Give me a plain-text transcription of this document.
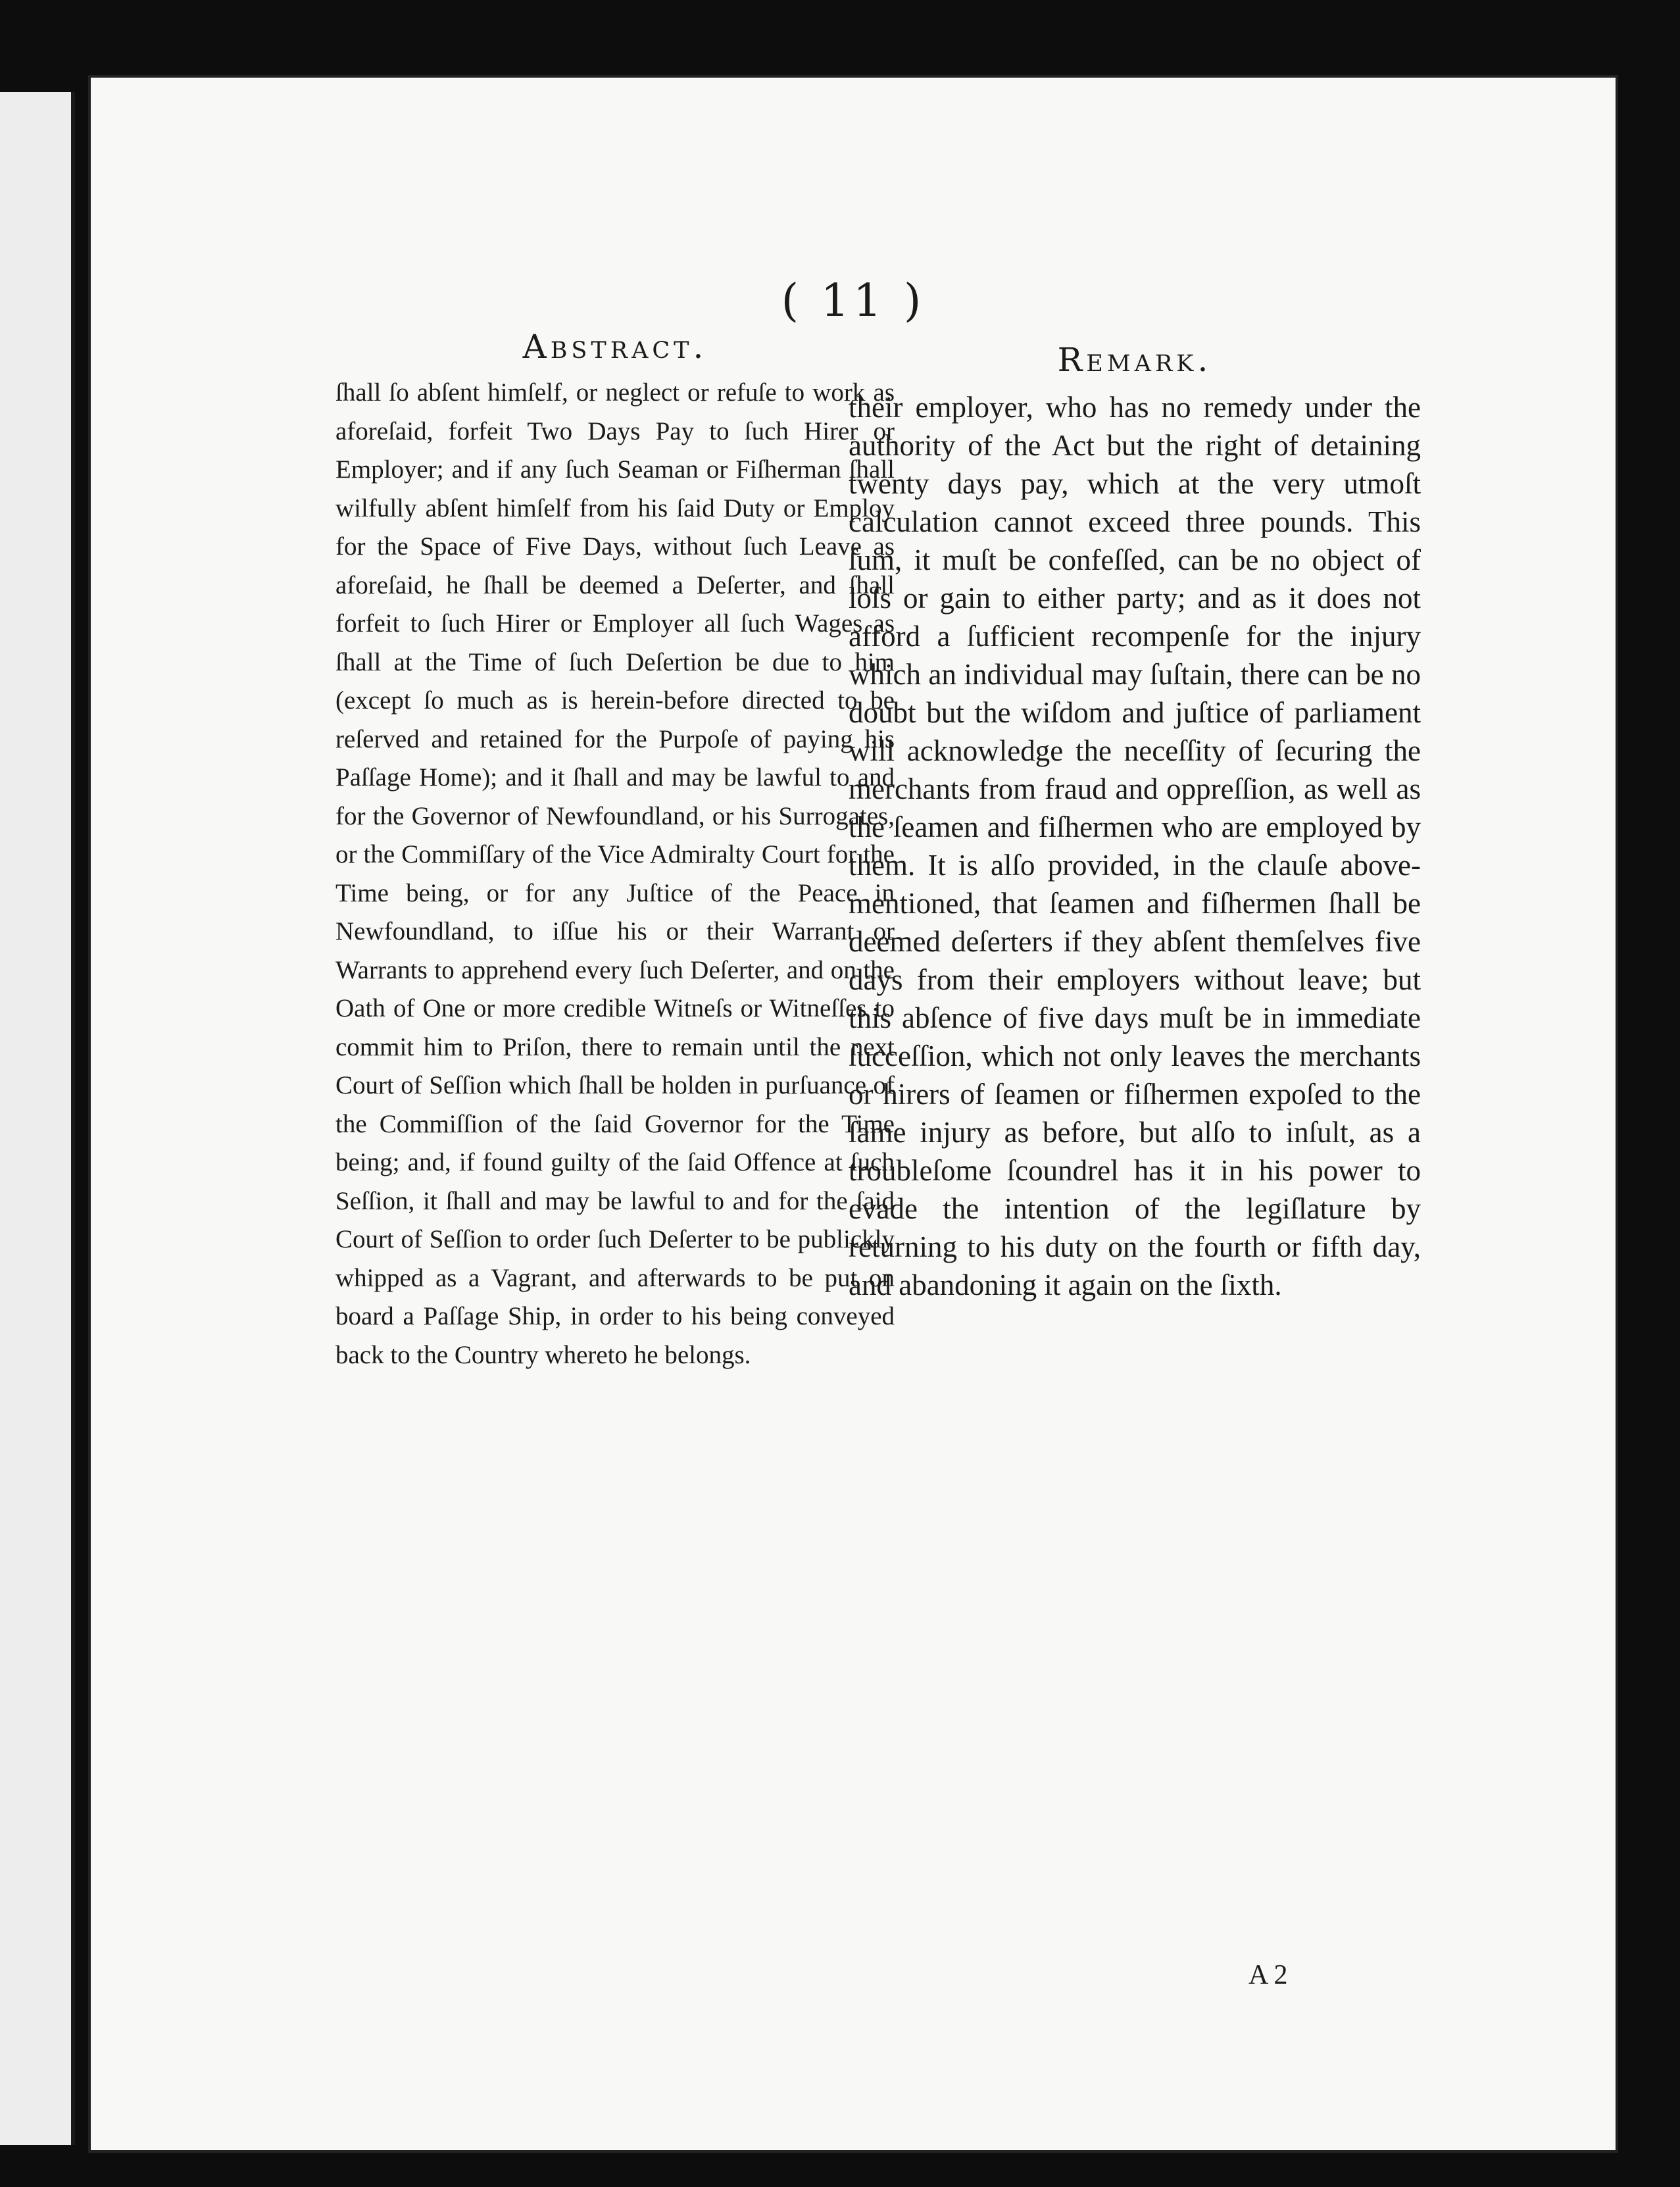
( 11 )
Abstract.
ſhall ſo abſent himſelf, or neglect or refuſe to work as aforeſaid, forfeit Two Days Pay to ſuch Hirer or Employer; and if any ſuch Seaman or Fiſherman ſhall wilfully abſent himſelf from his ſaid Duty or Employ for the Space of Five Days, without ſuch Leave as aforeſaid, he ſhall be deemed a Deſerter, and ſhall forfeit to ſuch Hirer or Employer all ſuch Wages as ſhall at the Time of ſuch Deſertion be due to him (except ſo much as is herein-before directed to be reſerved and retained for the Purpoſe of paying his Paſſage Home); and it ſhall and may be lawful to and for the Governor of Newfoundland, or his Surrogates, or the Commiſſary of the Vice Admiralty Court for the Time being, or for any Juſtice of the Peace in Newfoundland, to iſſue his or their Warrant or Warrants to apprehend every ſuch Deſerter, and on the Oath of One or more credible Witneſs or Witneſſes to commit him to Priſon, there to remain until the next Court of Seſſion which ſhall be holden in purſuance of the Commiſſion of the ſaid Governor for the Time being; and, if found guilty of the ſaid Offence at ſuch Seſſion, it ſhall and may be lawful to and for the ſaid Court of Seſſion to order ſuch Deſerter to be publickly whipped as a Vagrant, and afterwards to be put on board a Paſſage Ship, in order to his being conveyed back to the Country whereto he belongs.
Remark.
their employer, who has no remedy under the authority of the Act but the right of detaining twenty days pay, which at the very utmoſt calculation cannot exceed three pounds. This ſum, it muſt be confeſſed, can be no object of loſs or gain to either party; and as it does not afford a ſufficient recompenſe for the injury which an individual may ſuſtain, there can be no doubt but the wiſdom and juſtice of parliament will acknowledge the neceſſity of ſecuring the merchants from fraud and oppreſſion, as well as the ſeamen and fiſhermen who are employed by them. It is alſo provided, in the clauſe above-mentioned, that ſeamen and fiſhermen ſhall be deemed deſerters if they abſent themſelves five days from their employers without leave; but this abſence of five days muſt be in immediate ſucceſſion, which not only leaves the merchants or hirers of ſeamen or fiſhermen expoſed to the ſame injury as before, but alſo to inſult, as a troubleſome ſcoundrel has it in his power to evade the intention of the legiſlature by returning to his duty on the fourth or fifth day, and abandoning it again on the ſixth.
A 2
